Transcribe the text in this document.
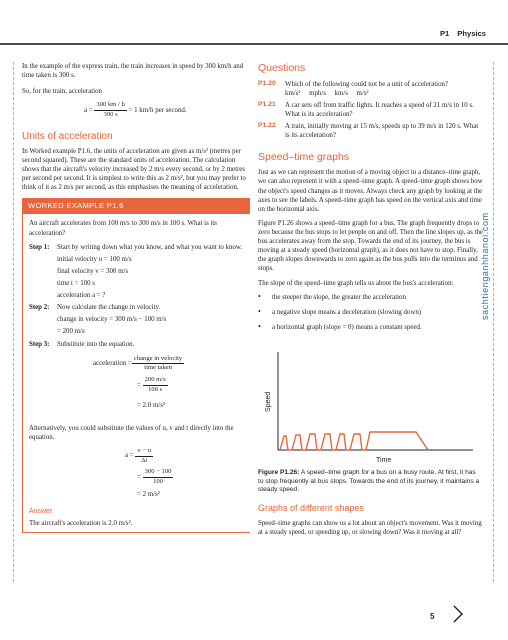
P1 Physics
sachtienganhhanoi.com

In the example of the express train, the train increases in speed by 300 km/h and time taken is 300 s.

So, for the train, acceleration

a =
$\frac{300 km / h}{300 s}$
= 1 km/h per second.
Units of acceleration

In Worked example P1.6, the units of acceleration are given as m/s² (metres per second squared). These are the standard units of acceleration. The calculation shows that the aircraft's velocity increased by 2 m/s every second, or by 2 metres per second per second. It is simplest to write this as 2 m/s², but you may prefer to think of it as 2 m/s per second, as this emphasises the meaning of acceleration.

WORKED EXAMPLE P1.6

An aircraft accelerates from 100 m/s to 300 m/s in 100 s. What is its acceleration?

Step 1:	Start by writing down what you know, and what you want to know.

initial velocity u = 100 m/s

final velocity v = 300 m/s

time t = 100 s

acceleration a = ?

Step 2:	Now calculate the change in velocity.

change in velocity = 300 m/s − 100 m/s

= 200 m/s

Step 3:	Substitute into the equation.
acceleration = $\frac{\text{change in velocity}}{\text{time taken}}$
=
$\frac{200 m/s}{100 s}$
= 2.0 m/s²

Alternatively, you could substitute the values of u, v and t directly into the equation.

a =
$\frac{v - u}{\Delta t}$
=
$\frac{300 - 100}{100}$
= 2 m/s²
Answer

The aircraft's acceleration is 2.0 m/s².

Questions
P1.20	Which of the following could not be a unit of acceleration?
km/s²     mph/s     km/s     m/s²
P1.21	A car sets off from traffic lights. It reaches a speed of 21 m/s in 10 s. What is its acceleration?
P1.22	A train, initially moving at 15 m/s, speeds up to 39 m/s in 120 s. What is its acceleration?
Speed–time graphs

Just as we can represent the motion of a moving object in a distance–time graph, we can also represent it with a speed–time graph. A speed–time graph shows how the object's speed changes as it moves. Always check any graph by looking at the axes to see the labels. A speed–time graph has speed on the vertical axis and time on the horizontal axis.

Figure P1.26 shows a speed–time graph for a bus. The graph frequently drops to zero because the bus stops to let people on and off. Then the line slopes up, as the bus accelerates away from the stop. Towards the end of its journey, the bus is moving at a steady speed (horizontal graph), as it does not have to stop. Finally, the graph slopes downwards to zero again as the bus pulls into the terminus and stops.

The slope of the speed–time graph tells us about the bus's acceleration:

•	the steeper the slope, the greater the acceleration
•	a negative slope means a deceleration (slowing down)
•	a horizontal graph (slope = 0) means a constant speed.
Speed
Time
Figure P1.26: A speed–time graph for a bus on a busy route. At first, it has to stop frequently at bus stops. Towards the end of its journey, it maintains a steady speed.
Graphs of different shapes

Speed–time graphs can show us a lot about an object's movement. Was it moving at a steady speed, or speeding up, or slowing down? Was it moving at all?

5
